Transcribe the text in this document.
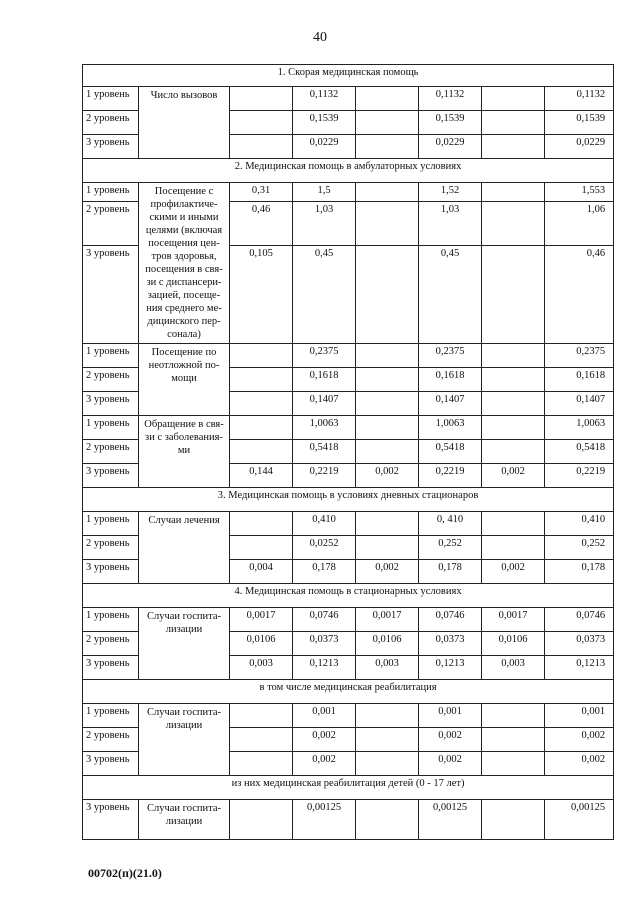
40
1. Скорая медицинская помощь							
1 уровень	Число вызовов		0,1132		0,1132		0,1132
2 уровень			0,1539		0,1539		0,1539
3 уровень			0,0229		0,0229		0,0229
2. Медицинская помощь в амбулаторных условиях							
1 уровень	Посещение с профилактиче-скими и иными целями (включая посещения цен-тров здоровья, посещения в свя-зи с диспансери-зацией, посеще-ния среднего ме-дицинского пер-сонала)	0,31	1,5		1,52		1,553
2 уровень		0,46	1,03		1,03		1,06
3 уровень		0,105	0,45		0,45		0,46
1 уровень	Посещение по неотложной по-мощи		0,2375		0,2375		0,2375
2 уровень			0,1618		0,1618		0,1618
3 уровень			0,1407		0,1407		0,1407
1 уровень	Обращение в свя-зи с заболевания-ми		1,0063		1,0063		1,0063
2 уровень			0,5418		0,5418		0,5418
3 уровень		0,144	0,2219	0,002	0,2219	0,002	0,2219
3. Медицинская помощь в условиях дневных стационаров							
1 уровень	Случаи лечения		0,410		0, 410		0,410
2 уровень			0,0252		0,252		0,252
3 уровень		0,004	0,178	0,002	0,178	0,002	0,178
4. Медицинская помощь в стационарных условиях							
1 уровень	Случаи госпита-лизации	0,0017	0,0746	0,0017	0,0746	0,0017	0,0746
2 уровень		0,0106	0,0373	0,0106	0,0373	0,0106	0,0373
3 уровень		0,003	0,1213	0,003	0,1213	0,003	0,1213
в том числе медицинская реабилитация							
1 уровень	Случаи госпита-лизации		0,001		0,001		0,001
2 уровень			0,002		0,002		0,002
3 уровень			0,002		0,002		0,002
из них медицинская реабилитация детей (0 - 17 лет)							
3 уровень	Случаи госпита-лизации		0,00125		0,00125		0,00125
00702(п)(21.0)
